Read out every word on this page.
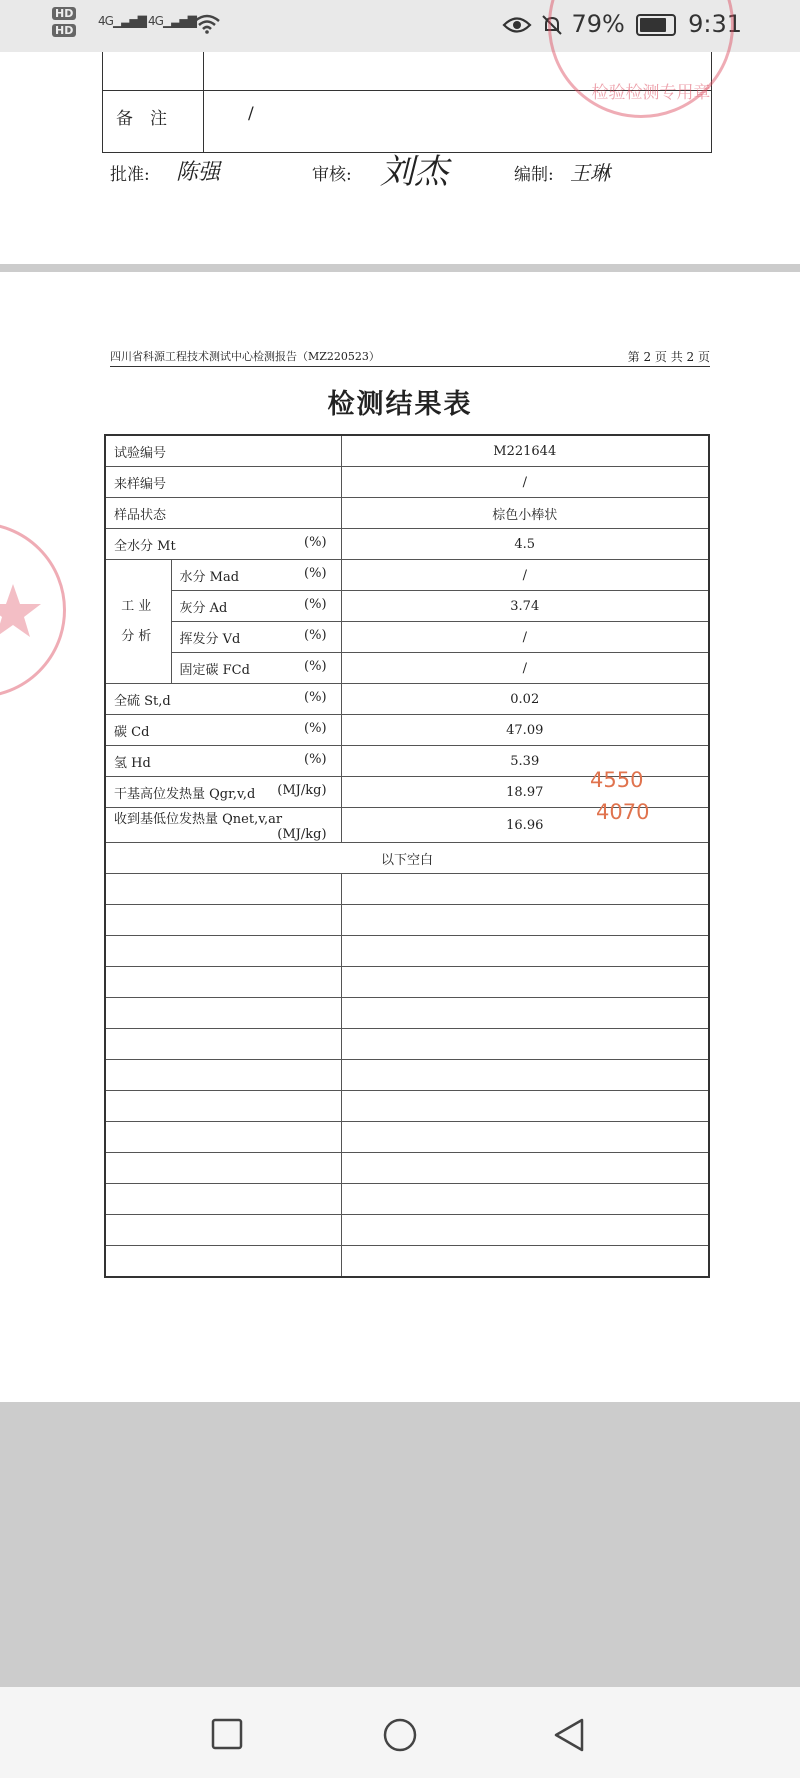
HD
HD
4G▁▃▅▇ 4G▁▃▅▇	79%	9:31
检验检测专用章
备　注	/
批准: 陈强	审核: 刘杰	编制: 王琳
四川省科源工程技术测试中心检测报告（MZ220523）	第 2 页 共 2 页
检测结果表
试验编号		M221644
来样编号		/
样品状态		棕色小棒状
全水分 Mt (%)		4.5
工业分析	水分 Mad (%)	/
	灰分 Ad (%)	3.74
	挥发分 Vd (%)	/
	固定碳 FCd (%)	/
全硫 St,d (%)		0.02
碳 Cd (%)		47.09
氢 Hd (%)		5.39
干基高位发热量 Qgr,v,d (MJ/kg)		18.97
收到基低位发热量 Qnet,v,ar
(MJ/kg)		16.96
以下空白		

4550
4070
